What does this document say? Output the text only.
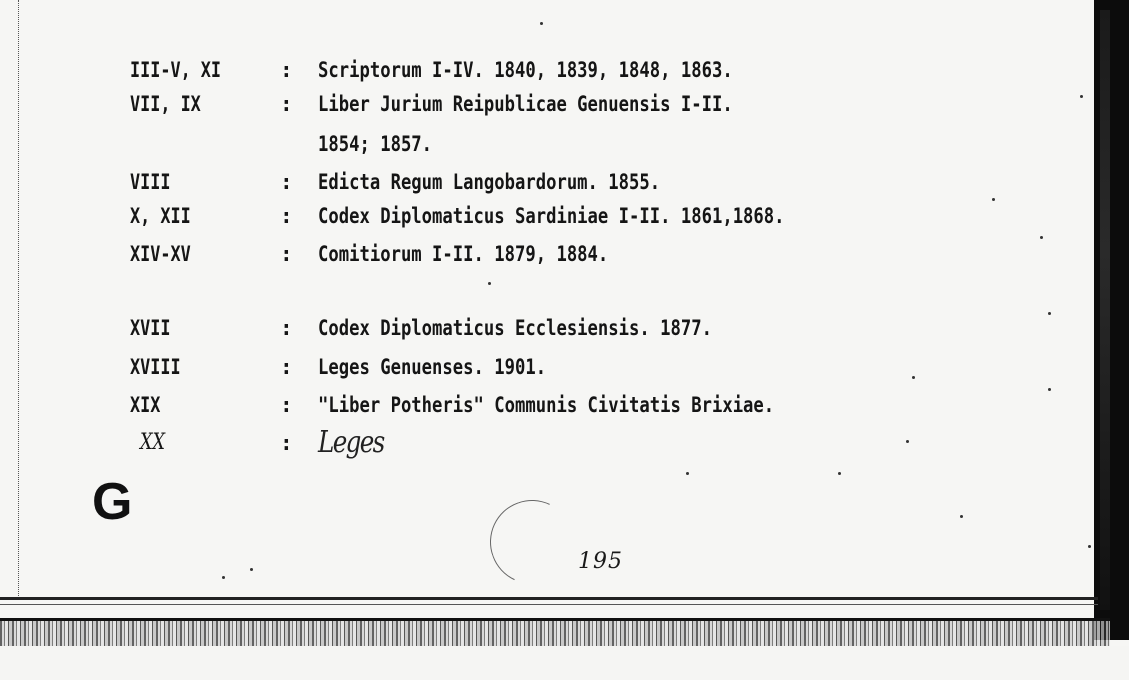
III-V, XI	: Scriptorum I-IV. 1840, 1839, 1848, 1863.
VII, IX	: Liber Jurium Reipublicae Genuensis I-II.
1854; 1857.
VIII	: Edicta Regum Langobardorum. 1855.
X, XII	: Codex Diplomaticus Sardiniae I-II. 1861,1868.
XIV-XV	: Comitiorum I-II. 1879, 1884.
XVII	: Codex Diplomaticus Ecclesiensis. 1877.
XVIII	: Leges Genuenses. 1901.
XIX	: "Liber Potheris" Communis Civitatis Brixiae.
XX	: Leges
G
195
